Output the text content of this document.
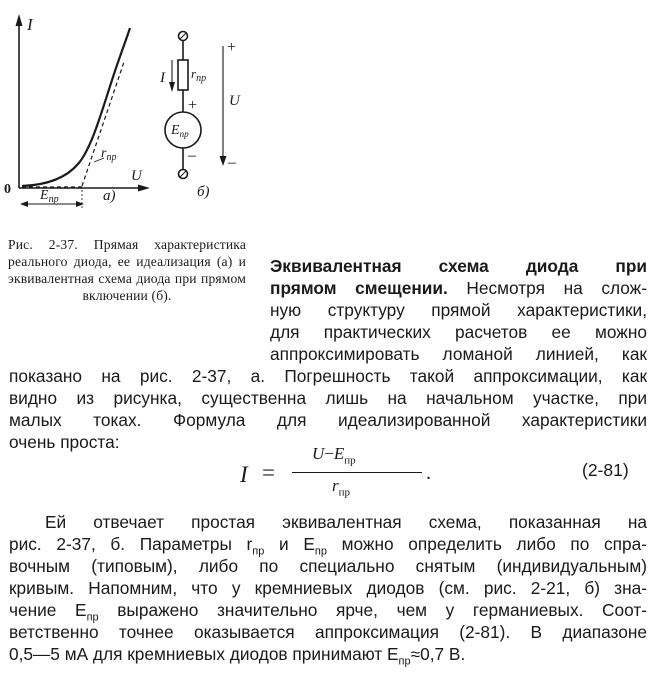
I
U
0
$r_{пр}$
$E_{пр}$	а)	б)
I $r_{пр}$
+
+ U
– –
$E_{пр}$
Рис. 2-37. Прямая характеристика реального диода, ее идеализация (а) и эквивалентная схема диода при прямом включении (б).
Эквивалентная схема диода при
прямом смещении. Несмотря на слож-
ную структуру прямой характеристики,
для практических расчетов ее можно
аппроксимировать ломаной линией, как
показано на рис. 2-37, а. Погрешность такой аппроксимации, как
видно из рисунка, существенна лишь на начальном участке, при
малых токах. Формула для идеализированной характеристики
очень проста:
I =
$U-E_{пр}$
$r_{пр}$
.	(2-81)
Ей отвечает простая эквивалентная схема, показанная на
рис. 2-37, б. Параметры $r_{пр}$ и $E_{пр}$ можно определить либо по спра-
вочным (типовым), либо по специально снятым (индивидуальным)
кривым. Напомним, что у кремниевых диодов (см. рис. 2-21, б) зна-
чение $E_{пр}$ выражено значительно ярче, чем у германиевых. Соот-
ветственно точнее оказывается аппроксимация (2-81). В диапазоне
0,5—5 мА для кремниевых диодов принимают $E_{пр}\approx 0,7$ В.
